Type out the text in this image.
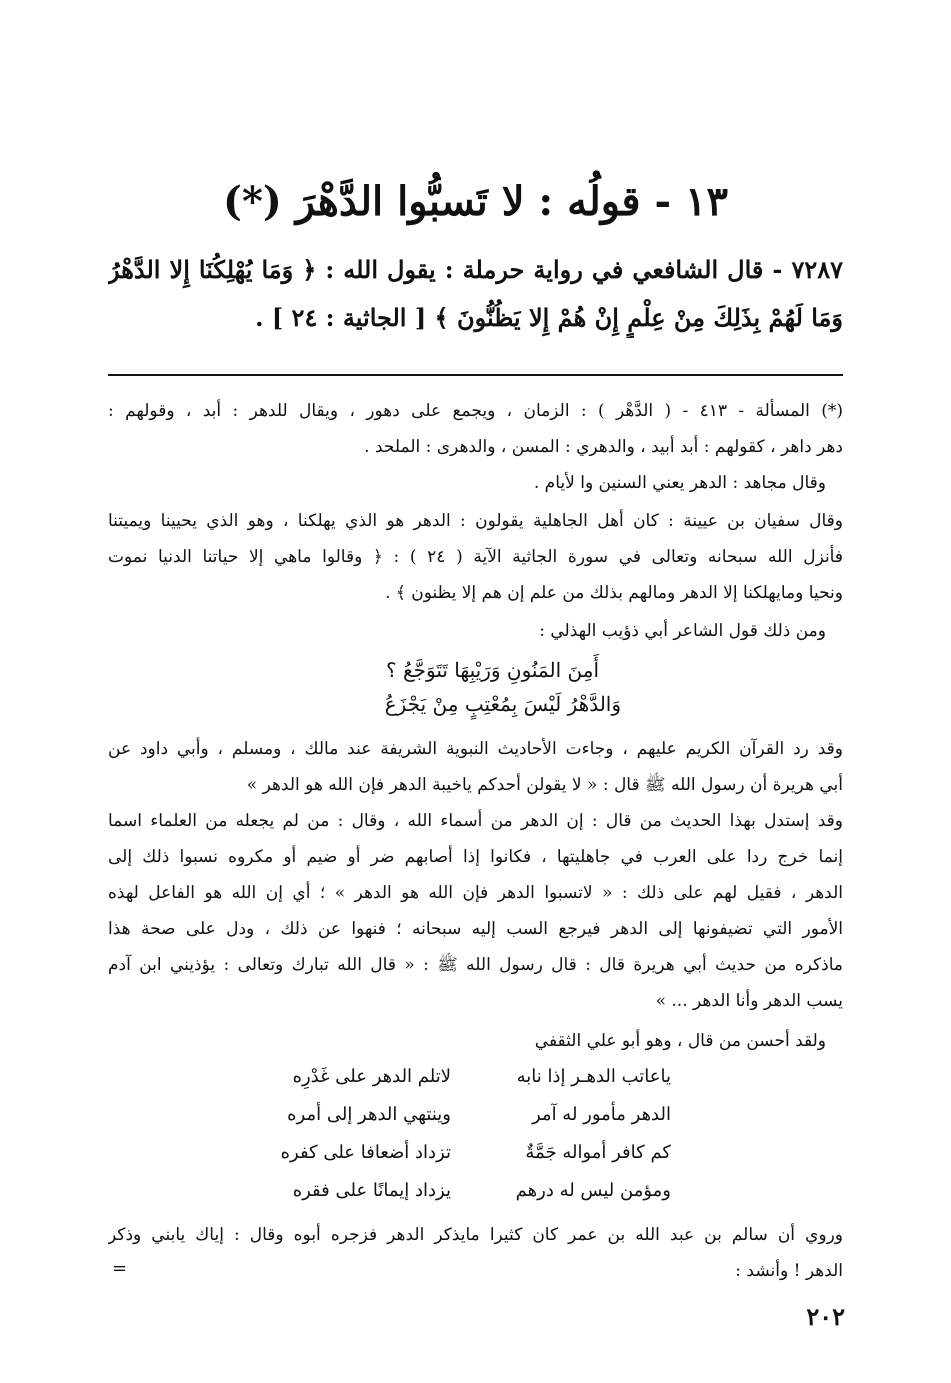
١٣ - قولُه : لا تَسبُّوا الدَّهْرَ (*)
٧٢٨٧ - قال الشافعي في رواية حرملة : يقول الله : ﴿ وَمَا يُهْلِكُنَا إِلا الدَّهْرُ
وَمَا لَهُمْ بِذَلِكَ مِنْ عِلْمٍ إِنْ هُمْ إِلا يَظُنُّونَ ﴾ [ الجاثية : ٢٤ ] .
(*) المسألة - ٤١٣ - ( الدَّهْر ) : الزمان ، ويجمع على دهور ، ويقال للدهر : أبد ، وقولهم :
دهر داهر ، كقولهم : أبد أبيد ، والدهري : المسن ، والدهرى : الملحد .
وقال مجاهد : الدهر يعني السنين وا لأيام .
وقال سفيان بن عيينة : كان أهل الجاهلية يقولون : الدهر هو الذي يهلكنا ، وهو الذي يحيينا ويميتنا
فأنزل الله سبحانه وتعالى في سورة الجاثية الآية ( ٢٤ ) : ﴿ وقالوا ماهي إلا حياتنا الدنيا نموت
ونحيا ومايهلكنا إلا الدهر ومالهم بذلك من علم إن هم إلا يظنون ﴾ .
ومن ذلك قول الشاعر أبي ذؤيب الهذلي :
أَمِنَ المَنُونِ وَرَيْبِهَا تَتَوَجَّعُ ؟
وَالدَّهْرُ لَيْسَ بِمُعْتِبٍ مِنْ يَجْزَعُ
وقد رد القرآن الكريم عليهم ، وجاءت الأحاديث النبوية الشريفة عند مالك ، ومسلم ، وأبي داود عن
أبي هريرة أن رسول الله ﷺ قال : « لا يقولن أحدكم ياخيبة الدهر فإن الله هو الدهر »
وقد إستدل بهذا الحديث من قال : إن الدهر من أسماء الله ، وقال : من لم يجعله من العلماء اسما
إنما خرج ردا على العرب في جاهليتها ، فكانوا إذا أصابهم ضر أو ضيم أو مكروه نسبوا ذلك إلى
الدهر ، فقيل لهم على ذلك : « لاتسبوا الدهر فإن الله هو الدهر » ؛ أي إن الله هو الفاعل لهذه
الأمور التي تضيفونها إلى الدهر فيرجع السب إليه سبحانه ؛ فنهوا عن ذلك ، ودل على صحة هذا
ماذكره من حديث أبي هريرة قال : قال رسول الله ﷺ : « قال الله تبارك وتعالى : يؤذيني ابن آدم
يسب الدهر وأنا الدهر ... »
ولقد أحسن من قال ، وهو أبو علي الثقفي
ياعاتب الدهـر إذا نابه
لاتلم الدهر على غَدْرِه
الدهر مأمور له آمر
وينتهي الدهر إلى أمره
كم كافر أمواله جَمَّةٌ
تزداد أضعافا على كفره
ومؤمن ليس له درهم
يزداد إيمانًا على فقره
وروي أن سالم بن عبد الله بن عمر كان كثيرا مايذكر الدهر فزجره أبوه وقال : إياك يابني وذكر
الدهر ! وأنشد :
=
٢٠٢
